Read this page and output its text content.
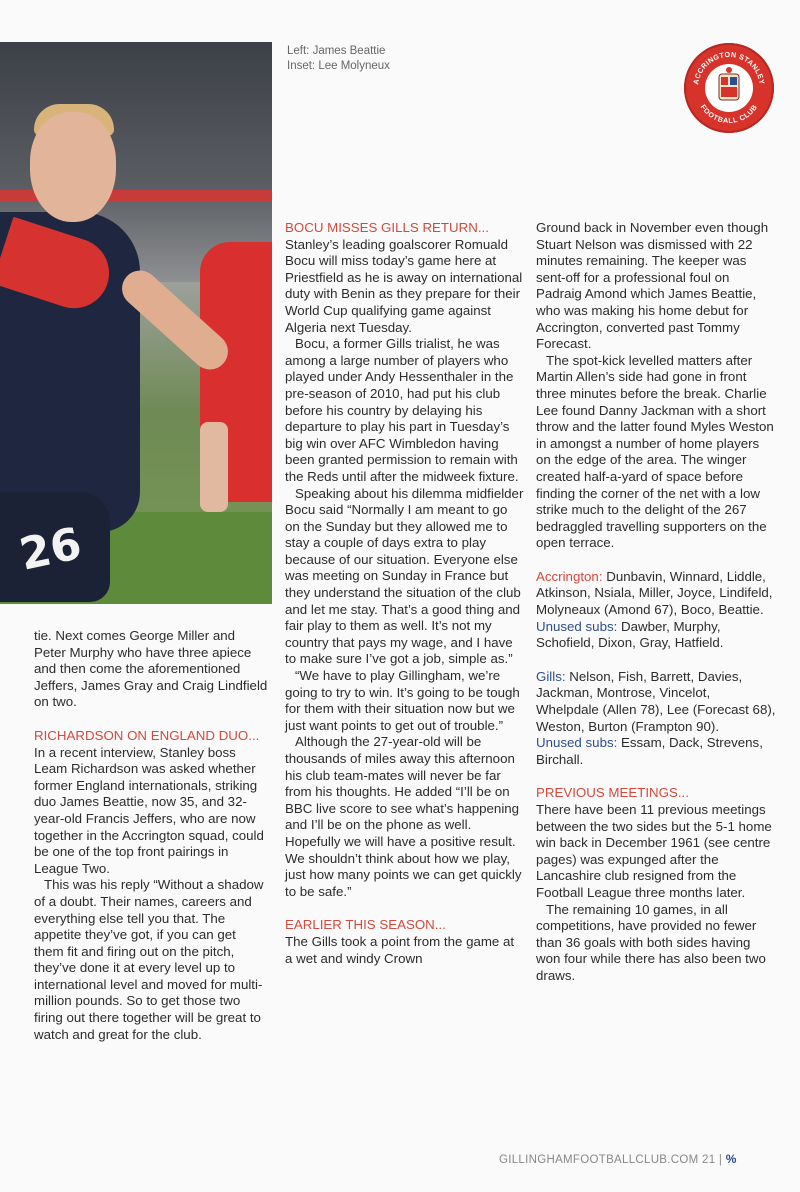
26
Left: James Beattie
Inset: Lee Molyneux
ACCRINGTON STANLEY
FOOTBALL CLUB

tie. Next comes George Miller and Peter Murphy who have three apiece and then come the aforementioned Jeffers, James Gray and Craig Lindfield on two.

RICHARDSON ON ENGLAND DUO...

In a recent interview, Stanley boss Leam Richardson was asked whether former England internationals, striking duo James Beattie, now 35, and 32-year-old Francis Jeffers, who are now together in the Accrington squad, could be one of the top front pairings in League Two.

This was his reply “Without a shadow of a doubt. Their names, careers and everything else tell you that. The appetite they’ve got, if you can get them fit and firing out on the pitch, they’ve done it at every level up to international level and moved for multi-million pounds. So to get those two firing out there together will be great to watch and great for the club.

BOCU MISSES GILLS RETURN...

Stanley’s leading goalscorer Romuald Bocu will miss today’s game here at Priestfield as he is away on international duty with Benin as they prepare for their World Cup qualifying game against Algeria next Tuesday.

Bocu, a former Gills trialist, he was among a large number of players who played under Andy Hessenthaler in the pre-season of 2010, had put his club before his country by delaying his departure to play his part in Tuesday’s big win over AFC Wimbledon having been granted permission to remain with the Reds until after the midweek fixture.

Speaking about his dilemma midfielder Bocu said “Normally I am meant to go on the Sunday but they allowed me to stay a couple of days extra to play because of our situation. Everyone else was meeting on Sunday in France but they understand the situation of the club and let me stay. That’s a good thing and fair play to them as well. It’s not my country that pays my wage, and I have to make sure I’ve got a job, simple as.”

“We have to play Gillingham, we’re going to try to win. It’s going to be tough for them with their situation now but we just want points to get out of trouble.”

Although the 27-year-old will be thousands of miles away this afternoon his club team-mates will never be far from his thoughts. He added “I’ll be on BBC live score to see what’s happening and I’ll be on the phone as well. Hopefully we will have a positive result. We shouldn’t think about how we play, just how many points we can get quickly to be safe.”

EARLIER THIS SEASON...

The Gills took a point from the game at a wet and windy Crown

Ground back in November even though Stuart Nelson was dismissed with 22 minutes remaining. The keeper was sent-off for a professional foul on Padraig Amond which James Beattie, who was making his home debut for Accrington, converted past Tommy Forecast.

The spot-kick levelled matters after Martin Allen’s side had gone in front three minutes before the break. Charlie Lee found Danny Jackman with a short throw and the latter found Myles Weston in amongst a number of home players on the edge of the area. The winger created half-a-yard of space before finding the corner of the net with a low strike much to the delight of the 267 bedraggled travelling supporters on the open terrace.

Accrington: Dunbavin, Winnard, Liddle, Atkinson, Nsiala, Miller, Joyce, Lindifeld, Molyneaux (Amond 67), Boco, Beattie.

Unused subs: Dawber, Murphy, Schofield, Dixon, Gray, Hatfield.

Gills: Nelson, Fish, Barrett, Davies, Jackman, Montrose, Vincelot, Whelpdale (Allen 78), Lee (Forecast 68), Weston, Burton (Frampton 90).

Unused subs: Essam, Dack, Strevens, Birchall.

PREVIOUS MEETINGS...

There have been 11 previous meetings between the two sides but the 5-1 home win back in December 1961 (see centre pages) was expunged after the Lancashire club resigned from the Football League three months later.

The remaining 10 games, in all competitions, have provided no fewer than 36 goals with both sides having won four while there has also been two draws.

GILLINGHAMFOOTBALLCLUB.COM 21 | %
